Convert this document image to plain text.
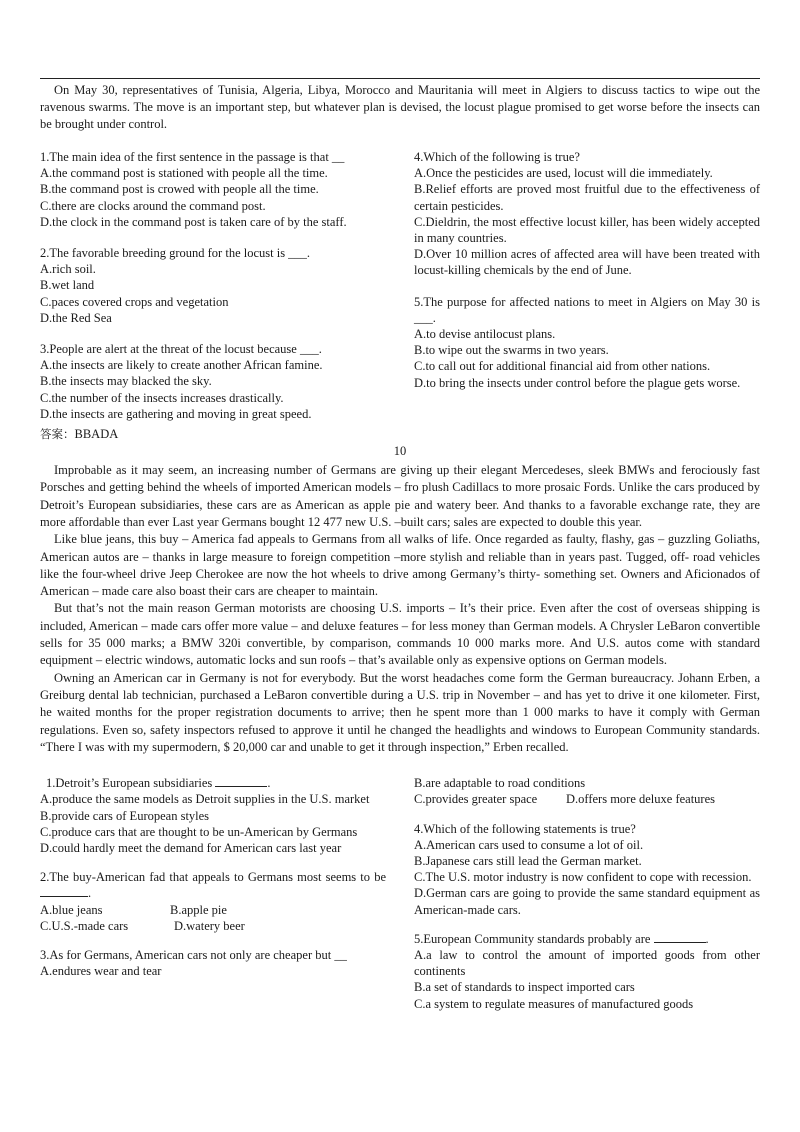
On May 30, representatives of Tunisia, Algeria, Libya, Morocco and Mauritania will meet in Algiers to discuss tactics to wipe out the ravenous swarms. The move is an important step, but whatever plan is devised, the locust plague promised to get worse before the insects can be brought under control.

1.The main idea of the first sentence in the passage is that __
A.the command post is stationed with people all the time.
B.the command post is crowed with people all the time.
C.there are clocks around the command post.
D.the clock in the command post is taken care of by the staff.
2.The favorable breeding ground for the locust is ___.
A.rich soil.
B.wet land
C.paces covered crops and vegetation
D.the Red Sea
3.People are alert at the threat of the locust because ___.
A.the insects are likely to create another African famine.
B.the insects may blacked the sky.
C.the number of the insects increases drastically.
D.the insects are gathering and moving in great speed.
答案：BBADA
4.Which of the following is true?
A.Once the pesticides are used, locust will die immediately.
B.Relief efforts are proved most fruitful due to the effectiveness of certain pesticides.
C.Dieldrin, the most effective locust killer, has been widely accepted in many countries.
D.Over 10 million acres of affected area will have been treated with locust-killing chemicals by the end of June.
5.The purpose for affected nations to meet in Algiers on May 30 is ___.
A.to devise antilocust plans.
B.to wipe out the swarms in two years.
C.to call out for additional financial aid from other nations.
D.to bring the insects under control before the plague gets worse.
10

Improbable as it may seem, an increasing number of Germans are giving up their elegant Mercedeses, sleek BMWs and ferociously fast Porsches and getting behind the wheels of imported American models – fro plush Cadillacs to more prosaic Fords. Unlike the cars produced by Detroit’s European subsidiaries, these cars are as American as apple pie and watery beer. And thanks to a favorable exchange rate, they are more affordable than ever Last year Germans bought 12 477 new U.S. –built cars; sales are expected to double this year.

Like blue jeans, this buy – America fad appeals to Germans from all walks of life. Once regarded as faulty, flashy, gas – guzzling Goliaths, American autos are – thanks in large measure to foreign competition –more stylish and reliable than in years past. Tugged, off- road vehicles like the four-wheel drive Jeep Cherokee are now the hot wheels to drive among Germany’s thirty- something set. Owners and Aficionados of American – made care also boast their cars are cheaper to maintain.

But that’s not the main reason German motorists are choosing U.S. imports – It’s their price. Even after the cost of overseas shipping is included, American – made cars offer more value – and deluxe features – for less money than German models. A Chrysler LeBaron convertible sells for 35 000 marks; a BMW 320i convertible, by comparison, commands 10 000 marks more. And U.S. autos come with standard equipment – electric windows, automatic locks and sun roofs – that’s available only as expensive options on German models.

Owning an American car in Germany is not for everybody. But the worst headaches come form the German bureaucracy. Johann Erben, a Greiburg dental lab technician, purchased a LeBaron convertible during a U.S. trip in November – and has yet to drive it one kilometer. First, he waited months for the proper registration documents to arrive; then he spent more than 1 000 marks to have it comply with German regulations. Even so, safety inspectors refused to approve it until he changed the headlights and windows to European Community standards. “There I was with my supermodern, $ 20,000 car and unable to get it through inspection,” Erben recalled.

1.Detroit’s European subsidiaries	.
A.produce the same models as Detroit supplies in the U.S. market
B.provide cars of European styles
C.produce cars that are thought to be un-American by Germans
D.could hardly meet the demand for American cars last year
2.The buy-American fad that appeals to Germans most seems to be .
A.blue jeans	B.apple pie
C.U.S.-made cars	D.watery beer
3.As for Germans, American cars not only are cheaper but __
A.endures wear and tear
B.are adaptable to road conditions
C.provides greater space D.offers more deluxe features
4.Which of the following statements is true?
A.American cars used to consume a lot of oil.
B.Japanese cars still lead the German market.
C.The U.S. motor industry is now confident to cope with recession.
D.German cars are going to provide the same standard equipment as American-made cars.
5.European Community standards probably are	.
A.a law to control the amount of imported goods from other continents
B.a set of standards to inspect imported cars
C.a system to regulate measures of manufactured goods
